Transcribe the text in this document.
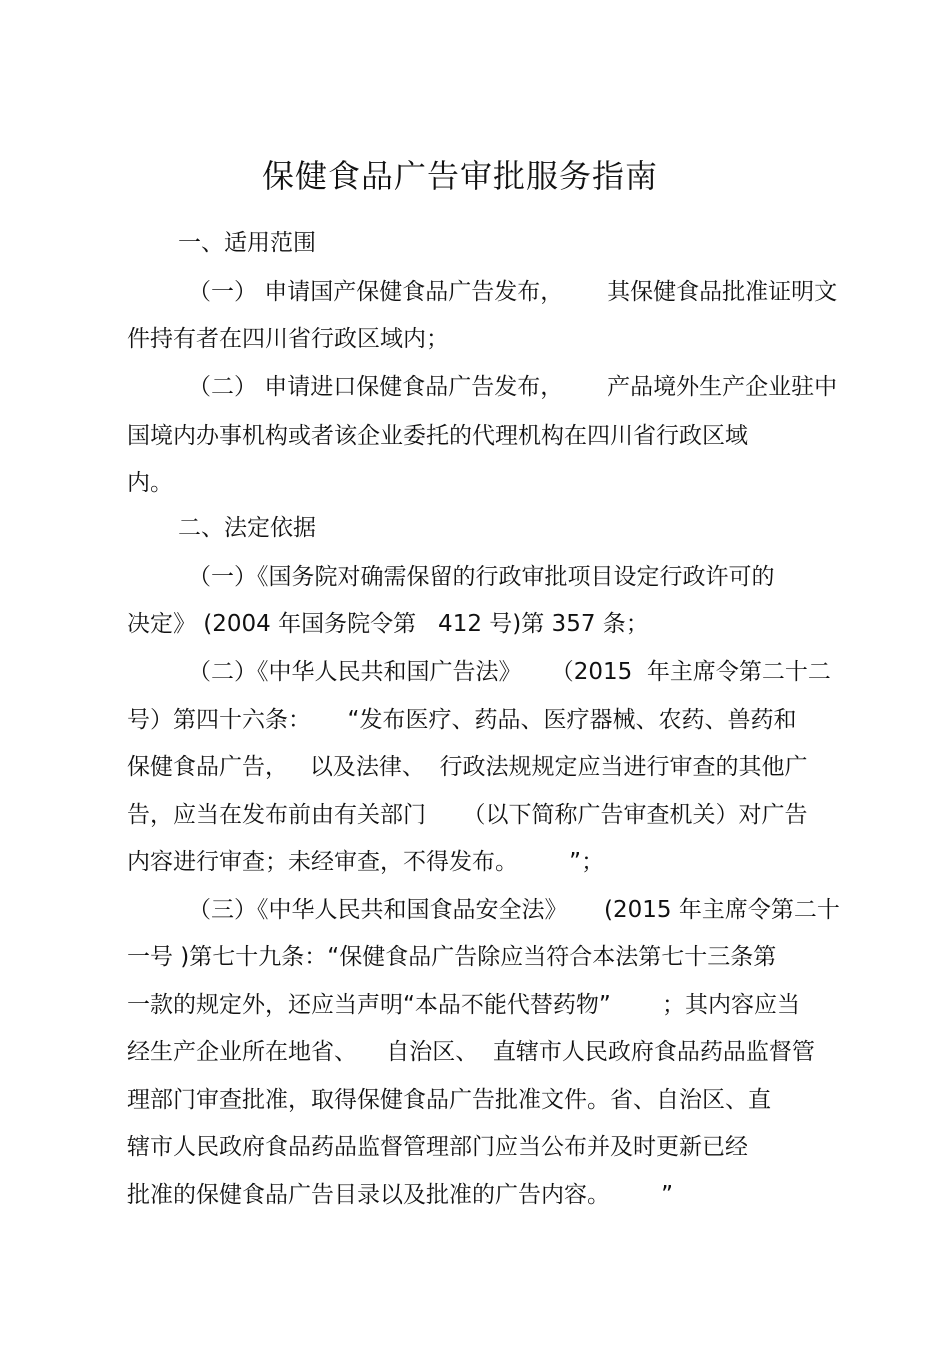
保健食品广告审批服务指南
一、适用范围
（一） 申请国产保健食品广告发布，      其保健食品批准证明文
件持有者在四川省行政区域内；
（二） 申请进口保健食品广告发布，      产品境外生产企业驻中
国境内办事机构或者该企业委托的代理机构在四川省行政区域
内。
二、法定依据
（一）《国务院对确需保留的行政审批项目设定行政许可的
决定》 (2004 年国务院令第   412 号)第 357 条；
（二）《中华人民共和国广告法》    （2015  年主席令第二十二
号）第四十六条：     “发布医疗、药品、医疗器械、农药、兽药和
保健食品广告，   以及法律、  行政法规规定应当进行审查的其他广
告，应当在发布前由有关部门     （以下简称广告审查机关）对广告
内容进行审查；未经审查，不得发布。       ”；
（三）《中华人民共和国食品安全法》     (2015 年主席令第二十
一号 )第七十九条：“保健食品广告除应当符合本法第七十三条第
一款的规定外，还应当声明“本品不能代替药物”       ；其内容应当
经生产企业所在地省、    自治区、  直辖市人民政府食品药品监督管
理部门审查批准，取得保健食品广告批准文件。省、自治区、直
辖市人民政府食品药品监督管理部门应当公布并及时更新已经
批准的保健食品广告目录以及批准的广告内容。       ”
